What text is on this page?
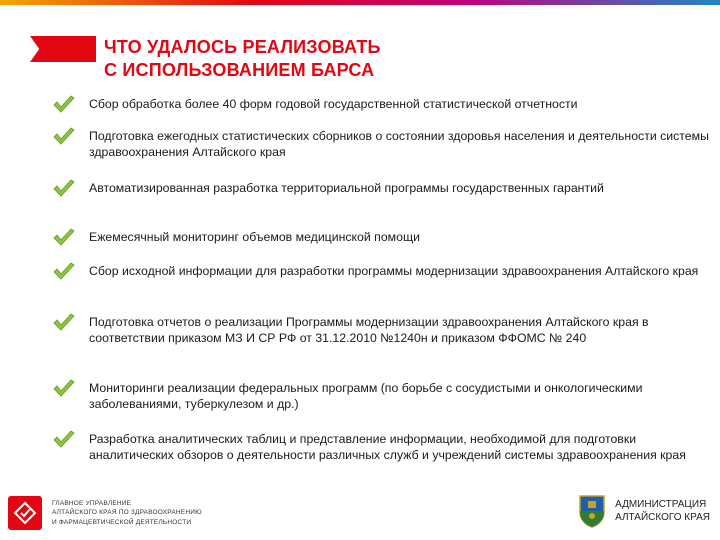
ЧТО УДАЛОСЬ РЕАЛИЗОВАТЬ
С ИСПОЛЬЗОВАНИЕМ БАРСА
Сбор обработка более 40 форм годовой государственной статистической отчетности
Подготовка ежегодных статистических сборников о состоянии здоровья населения и деятельности системы здравоохранения Алтайского края
Автоматизированная разработка территориальной программы государственных гарантий
Ежемесячный мониторинг объемов медицинской помощи
Сбор исходной информации для разработки программы модернизации здравоохранения Алтайского края
Подготовка отчетов о реализации Программы модернизации здравоохранения Алтайского края в соответствии приказом МЗ И СР РФ от 31.12.2010 №1240н и приказом ФФОМС № 240
Мониторинги реализации федеральных программ (по борьбе с сосудистыми и онкологическими заболеваниями, туберкулезом и др.)
Разработка аналитических таблиц и представление информации, необходимой для подготовки аналитических обзоров о деятельности различных служб и учреждений системы здравоохранения края
ГЛАВНОЕ УПРАВЛЕНИЕ
АЛТАЙСКОГО КРАЯ ПО ЗДРАВООХРАНЕНИЮ
И ФАРМАЦЕВТИЧЕСКОЙ ДЕЯТЕЛЬНОСТИ
АДМИНИСТРАЦИЯ
АЛТАЙСКОГО КРАЯ
